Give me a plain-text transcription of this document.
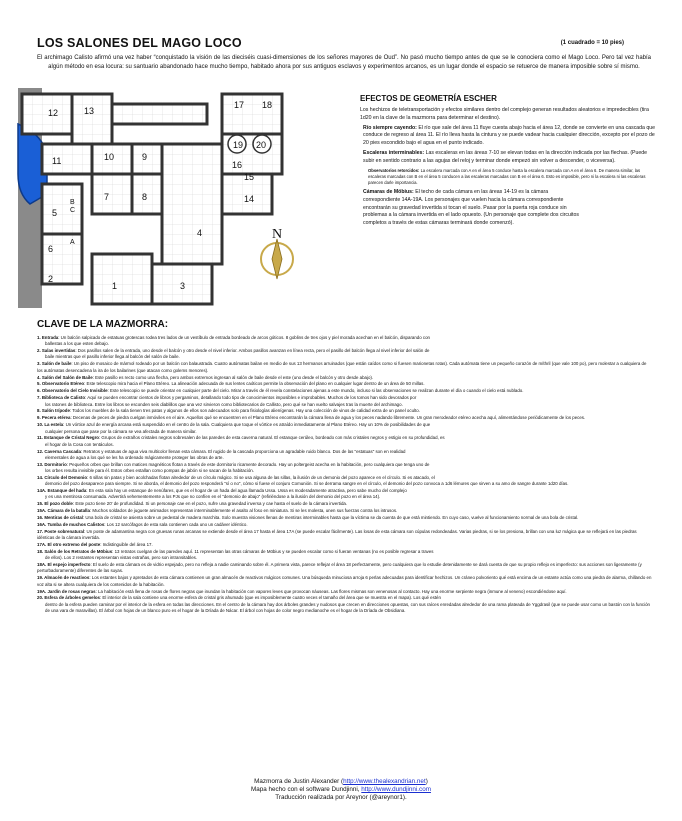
LOS SALONES DEL MAGO LOCO	(1 cuadrado = 10 pies)
El archimago Calisto afirmó una vez haber “conquistado la visión de las dieciséis cuasi-dimensiones de los señores mayores de Oud”. No pasó mucho tiempo antes de que se le conociera como el Mago Loco. Pero tal vez había algún método en esa locura: su santuario abandonado hace mucho tiempo, habitado ahora por sus antiguos esclavos y experimentos arcanos, es un lugar donde el espacio se retuerce de manera imposible sobre sí mismo.
N
12	13
11	10	9
7	8
17 18
19 20
15
16
14
5
6
4
2
1	3
A
B
C
EFECTOS DE GEOMETRÍA ESCHER

Los hechizos de teletransportación y efectos similares dentro del complejo generan resultados aleatorios e impredecibles (tira 1d20 en la clave de la mazmorra para determinar el destino).

Río siempre cayendo: El río que sale del área 11 fluye cuesta abajo hacia el área 12, donde se convierte en una cascada que conduce de regreso al área 11. El río lleva hasta la cintura y se puede vadear hacia cualquier dirección, excepto por el pozo de 20 pies escondido bajo el agua en el punto indicado.

Escaleras interminables: Las escaleras en las áreas 7-10 se elevan todas en la dirección indicada por las flechas. (Puede subir en sentido contrario a las agujas del reloj y terminar donde empezó sin volver a descender, o viceversa).

Observatorios retorcidos: La escalera marcada con A en el área 5 conduce hasta la escalera marcada con A en el área 6. De manera similar, las escaleras marcadas con B en el área 5 conducen a las escaleras marcadas con B en el área 6. Esto es imposible, pero ni la escalera ni las escaleras parecen darle importancia.

Cámaras de Möbius: El techo de cada cámara en las áreas 14-19 es la cámara correspondiente 14A-19A. Los personajes que vuelen hacia la cámara correspondiente encontrarán su gravedad invertida si tocan el suelo. Pasar por la puerta roja conduce sin problemas a la cámara invertida en el lado opuesto. (Un personaje que complete dos circuitos completos a través de estas cámaras terminará donde comenzó).

CLAVE DE LA MAZMORRA:
1. Entrada: Un balcón salpicado de estatuas grotescas rodea tres lados de un vestíbulo de entrada bordeado de arcos góticos. 8 goblins de tres ojos y piel morada acechan en el balcón, disparando con
ballestas a los que esten debajo.
2. Salas invertidas: Dos pasillos salen de la entrada, uno desde el balcón y otro desde el nivel inferior. Ambos pasillos avanzan en línea recta, pero el pasillo del balcón llega al nivel inferior del salón de
baile mientras que el pasillo inferior llega al balcón del salón de baile.
3. Salón de baile: Un piso de mosaico de mármol rodeado por un balcón con balaustrada. Cuatro autómatas bailan en medio de sus 13 hermanos arruinados (que están caídos como si fuesen marionetas rotas). Cada autómata tiene un pequeño corazón de míthril (que vale 100 po), pero molestar a cualquiera de los autómatas desencadena la ira de los bailarines (que atacan como golems menores).
4. Salón del Salón de Baile: Este pasillo es recto como una flecha, pero ambos extremos ingresan al salón de baile desde el este (uno desde el balcón y otro desde abajo).
5. Observatorio Etéreo: Este telescopio mira hacia el Plano Etéreo. La alineación adecuada de sus lentes caóticos permite la observación del plano en cualquier lugar dentro de un área de 50 millas.
6. Observatorio del Cielo Invisible: Este telescopio se puede orientar en cualquier parte del cielo. Mirar a través de él revela constelaciones ajenas a este mundo, incluso si las observaciones se realizan durante el día o cuando el cielo está nublado.
7. Biblioteca de Calisto: Aquí se pueden encontrar cientos de libros y pergaminos, detallando todo tipo de conocimientos imposibles e improbables. Muchos de los tomos han sido devorados por
los ratones de biblioteca. Entre los libros se esconden seis diablillos que una vez sirvieron como bibliotecarios de Callisto, pero qué se han vuelto salvajes tras la muerte del archimago.
8. Salón trípode: Todos los muebles de la sala tienen tres patas y algunos de ellos son adecuados solo para fisiologías alienígenas. Hay una colección de vinos de calidad extra de un panel oculto.
9. Pecera etérea: Decenas de peces de piedra cuelgan inmóviles en el aire. Aquellos qué se encuentren en el Plano Etéreo encontrarán la cámara llena de agua y los peces nadando libremente. Un gran merodeador etéreo acecha aquí, alimentándose periódicamente de los peces.
10. La estela: Un vórtice azul de energía arcana está suspendido en el centro de la sala. Cualquiera que toque el vórtice es atraído inmediatamente al Plano Etéreo. Hay un 10% de posibilidades de que
cualquier persona que pase por la cámara se vea afectada de manera similar.
11. Estanque de Cristal Negro: Grupos de extraños cristales negros sobresalen de las paredes de esta caverna natural. El estanque cerúleo, bordeado con más cristales negros y estigio en su profundidad, es
el hogar de la Cosa con tentáculos.
12. Caverna Cascada: Retratos y estatuas de agua viva multicolor llenan esta cámara. El rugido de la cascada proporciona un agradable ruido blanco. Dos de las "estatuas" son en realidad
elementales de agua a los qué se les ha ordenado mágicamente proteger las obras de arte.
13. Dormitorio: Pequeños orbes que brillan con matices magnéticos flotan a través de este dormitorio ricamente decorado. Hay un poltergeist acecha en la habitación, pero cualquiera que tenga uno de
los orbes resulta invisible para él. Estos orbes estallan como pompas de jabón si se sacan de la habitación.
14. Círculo del Demonio: 6 sillas sin patas y bien acolchadas flotan alrededor de un círculo mágico. Si se usa alguna de las sillas, la ilusión de un demonio del pozo aparece en el círculo. Si es atacado, el
demonio del pozo desaparece para siempre. Si se aborda, el demonio del pozo responderá "sí o no", cómo si fuese el conjuro Comunión. Si se derrama sangre en el círculo, el demonio del pozo convoca a 1d6 lémures que sirven a su amo de sangre durante 1d20 días.
14A. Estanque del hada: En esta sala hay un estanque de nenúfares, que es el hogar de un hada del agua llamada Ussa. Ussa es moderadamente atractiva, pero sabe mucho del complejo
y es una mentirosa consumada. Advertirá vehementemente a los PJs que no confíen en el "demonio de abajo" (refiriéndose a la ilusión del demonio del pozo en el área 14).
15. El pozo doble: Este pozo tiene 20' de profundidad. Si un personaje cae en el pozo, sufre una gravedad inversa y cae hasta el suelo de la cámara invertida.
15A. Cámara de la batalla: Muchos soldados de juguete animados representan interminablemente el asalto al foso en miniatura. Si se les molesta, unen sus fuerzas contra los intrusos.
16. Mentiras de cristal: Una bola de cristal se asienta sobre un pedestal de madera marchita. Solo muestra visiones llenas de mentiras interminables hasta que la víctima se da cuenta de que está mintiendo. En cuyo caso, vuelve al funcionamiento normal de una bola de cristal.
16A. Tumba de muchos Calistos: Los 12 sarcófagos de esta sala contienen cada uno un cadáver idéntico.
17. Poste sobrenatural: Un poste de adamantina negra con gruesas runas arcanas se extiende desde el área 17 hasta el área 17A (se puede escalar fácilmente). Las losas de esta cámara son cúpulas redondeadas. Varias piedras, si se los presiona, brillan con una luz mágica que se reflejará en las piedras idénticas de la cámara invertida.
17A. El otro extremo del poste: Indistinguible del área 17.
18. Salón de los Retratos de Möbius: 13 retratos cuelgan de las paredes aquí. 11 representan las otras cámaras de Möbius y se pueden escalar como si fueran ventanas (no es posible regresar a traves
de ellos). Los 2 restantes representan vistas extrañas, pero son intransitables.
18A. El espejo imperfecto: El suelo de esta cámara es de vidrio espejado, pero no refleja a nadie caminando sobre él. A primera vista, parece reflejar el área 18 perfectamente, pero cualquiera que lo estudie detenidamente se dará cuenta de que su propio reflejo es imperfecto: sus acciones son ligeramente (y perturbadoramente) diferentes de las suyas.
19. Almacén de reactivos: Los estantes bajos y apretados de esta cámara contienen un gran almacén de reactivos mágicos comunes. Una búsqueda minuciosa arroja 6 perlas adecuadas para identificar hechizos. Un cráneo polvoriento qué está encima de un estante actúa como una piedra de alarma, chillando en voz alta si se altera cualquiera de los contenidos de la habitación.
19A. Jardín de rosas negras: La habitación está llena de rosas de flores negras que inundan la habitación con vapores leves que provocan náuseas. Las flores mismas son venenosas al contacto. Hay una enorme serpiente negra (inmune al veneno) escondiéndose aquí.
20. Esfera de árboles gemelos: El interior de la sala contiene una enorme esfera de cristal gris ahumado (que es imposiblemente cuatro veces el tamaño del área que se muestra en el mapa). Los qué estén
dentro de la esfera pueden caminar por el interior de la esfera en todas las direcciones. En el centro de la cámara hay dos árboles grandes y nudosos que crecen en direcciones opuestas, con sus raíces enredadas alrededor de una rama plateada de Yggdrasil (que se puede usar como un bastón con la función de una vara de maravillas). El árbol con hojas de un blanco puro es el hogar de la Dríada de Nácar. El árbol con hojas de color negro medianoche es el hogar de la Dríada de Obsidiana.
Mazmorra de Justin Alexander (http://www.thealexandrian.net)
Mapa hecho con el software Dundjinni, http://www.dundjinni.com
Traducción realizada por Areynor (@areynor1).
